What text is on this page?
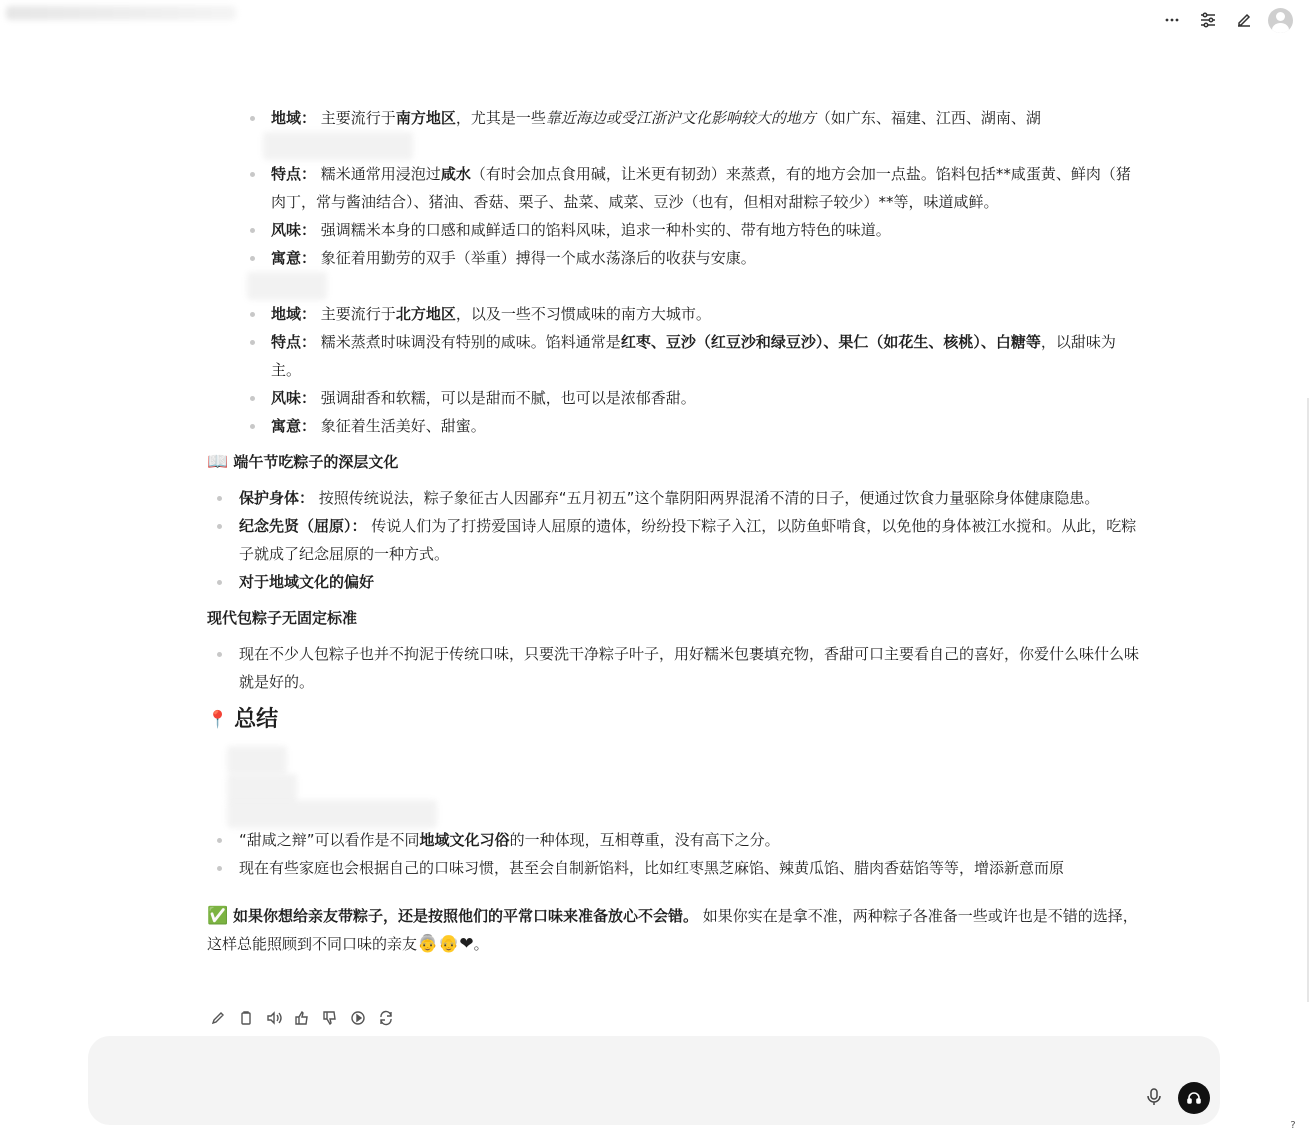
地域： 主要流行于南方地区，尤其是一些靠近海边或受江浙沪文化影响较大的地方（如广东、福建、江西、湖南、湖
特点： 糯米通常用浸泡过咸水（有时会加点食用碱，让米更有韧劲）来蒸煮，有的地方会加一点盐。馅料包括**咸蛋黄、鲜肉（猪肉丁，常与酱油结合）、猪油、香菇、栗子、盐菜、咸菜、豆沙（也有，但相对甜粽子较少）**等，味道咸鲜。
风味： 强调糯米本身的口感和咸鲜适口的馅料风味，追求一种朴实的、带有地方特色的味道。
寓意： 象征着用勤劳的双手（举重）搏得一个咸水荡涤后的收获与安康。
地域： 主要流行于北方地区，以及一些不习惯咸味的南方大城市。
特点： 糯米蒸煮时味调没有特别的咸味。馅料通常是红枣、豆沙（红豆沙和绿豆沙）、果仁（如花生、核桃）、白糖等，以甜味为主。
风味： 强调甜香和软糯，可以是甜而不腻，也可以是浓郁香甜。
寓意： 象征着生活美好、甜蜜。
📖 端午节吃粽子的深层文化
保护身体： 按照传统说法，粽子象征古人因鄙弃“五月初五”这个靠阴阳两界混淆不清的日子，便通过饮食力量驱除身体健康隐患。
纪念先贤（屈原）： 传说人们为了打捞爱国诗人屈原的遗体，纷纷投下粽子入江，以防鱼虾啃食，以免他的身体被江水搅和。从此，吃粽子就成了纪念屈原的一种方式。
对于地域文化的偏好
现代包粽子无固定标准
现在不少人包粽子也并不拘泥于传统口味，只要洗干净粽子叶子，用好糯米包裹填充物，香甜可口主要看自己的喜好，你爱什么味什么味就是好的。
📍 总结
“甜咸之辩”可以看作是不同地域文化习俗的一种体现，互相尊重，没有高下之分。
现在有些家庭也会根据自己的口味习惯，甚至会自制新馅料，比如红枣黑芝麻馅、辣黄瓜馅、腊肉香菇馅等等，增添新意而原
✅ 如果你想给亲友带粽子，还是按照他们的平常口味来准备放心不会错。 如果你实在是拿不准，两种粽子各准备一些或许也是不错的选择，这样总能照顾到不同口味的亲友👵👴❤。
?
